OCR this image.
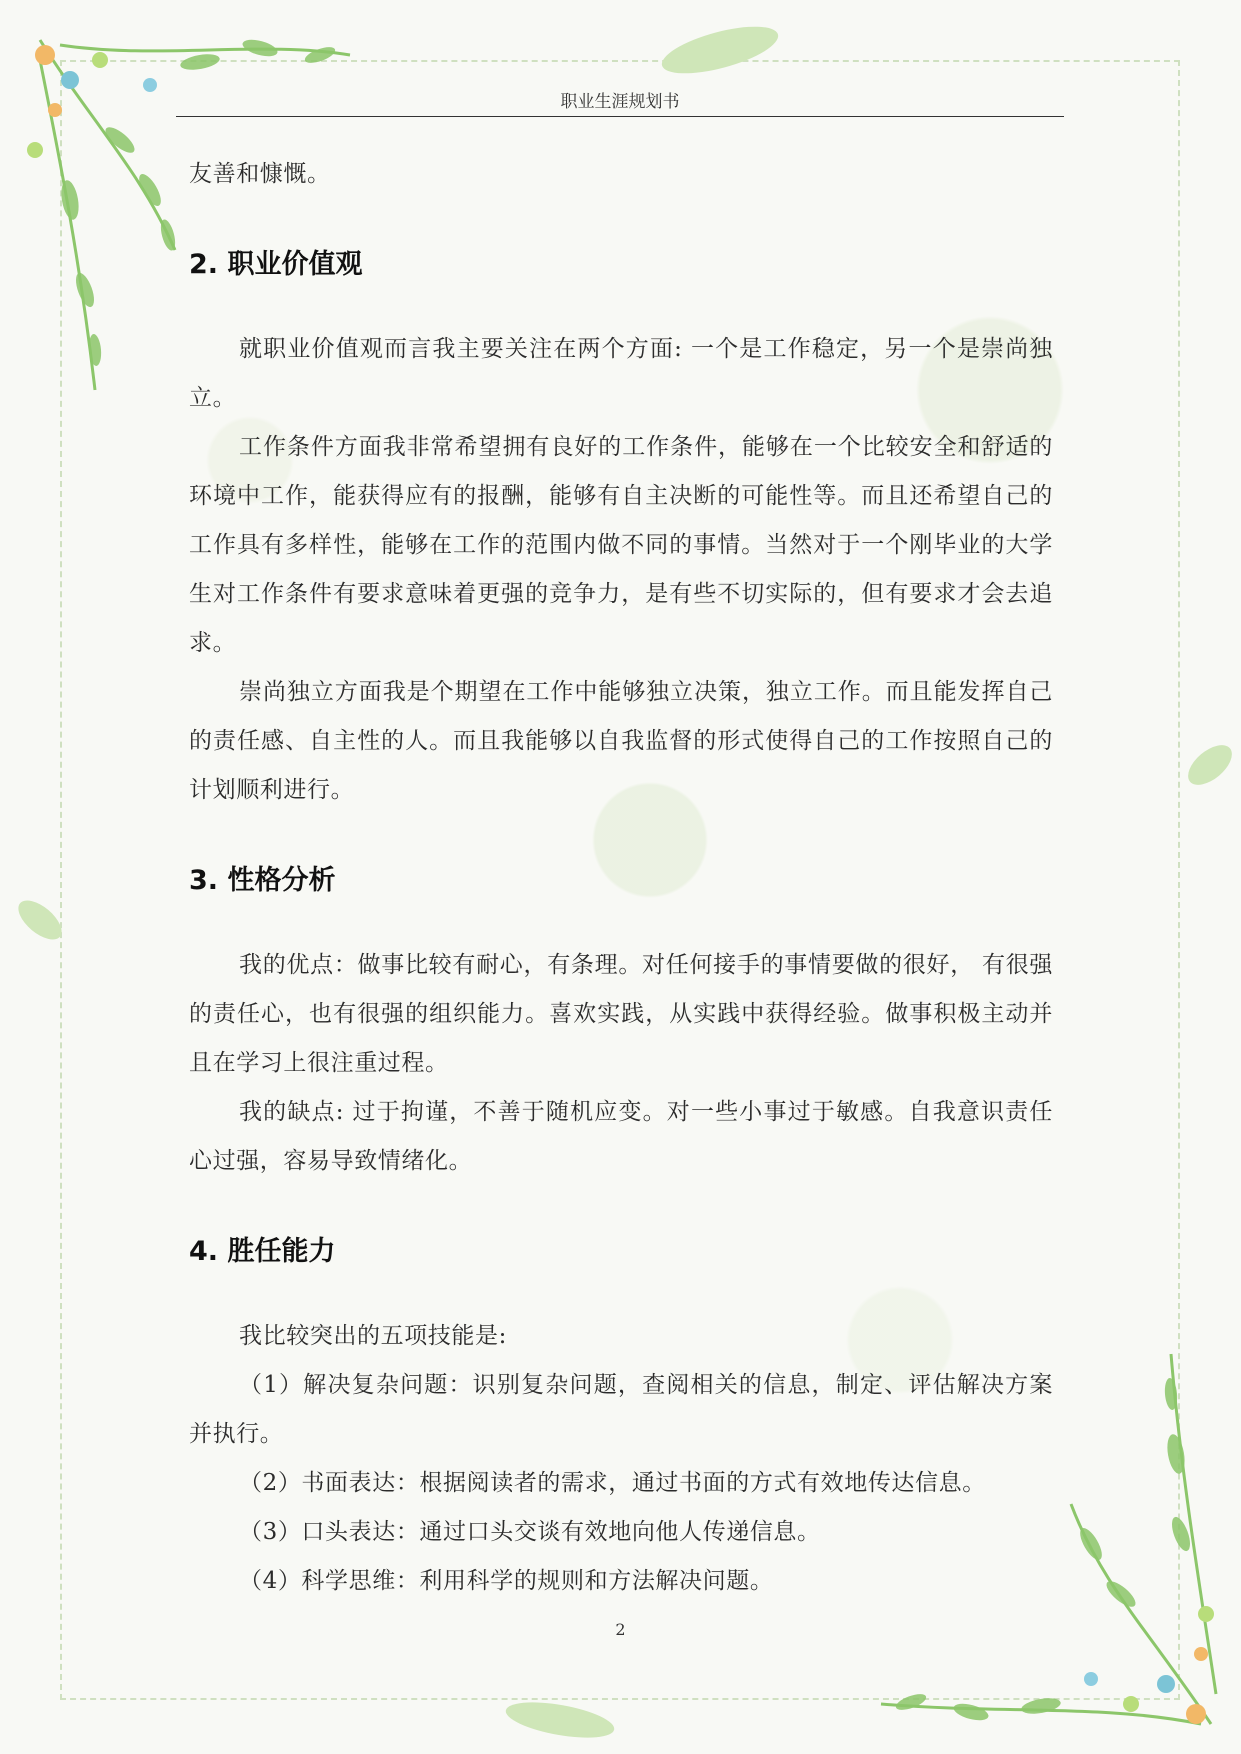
职业生涯规划书

友善和慷慨。

2. 职业价值观

就职业价值观而言我主要关注在两个方面: 一个是工作稳定，另一个是崇尚独立。

工作条件方面我非常希望拥有良好的工作条件，能够在一个比较安全和舒适的环境中工作，能获得应有的报酬，能够有自主决断的可能性等。而且还希望自己的工作具有多样性，能够在工作的范围内做不同的事情。当然对于一个刚毕业的大学生对工作条件有要求意味着更强的竞争力，是有些不切实际的，但有要求才会去追求。

崇尚独立方面我是个期望在工作中能够独立决策，独立工作。而且能发挥自己的责任感、自主性的人。而且我能够以自我监督的形式使得自己的工作按照自己的计划顺利进行。

3. 性格分析

我的优点：做事比较有耐心，有条理。对任何接手的事情要做的很好， 有很强的责任心，也有很强的组织能力。喜欢实践，从实践中获得经验。做事积极主动并且在学习上很注重过程。

我的缺点: 过于拘谨，不善于随机应变。对一些小事过于敏感。自我意识责任心过强，容易导致情绪化。

4. 胜任能力

我比较突出的五项技能是:

（1）解决复杂问题：识别复杂问题，查阅相关的信息，制定、评估解决方案并执行。

（2）书面表达：根据阅读者的需求，通过书面的方式有效地传达信息。

（3）口头表达：通过口头交谈有效地向他人传递信息。

（4）科学思维：利用科学的规则和方法解决问题。

2
